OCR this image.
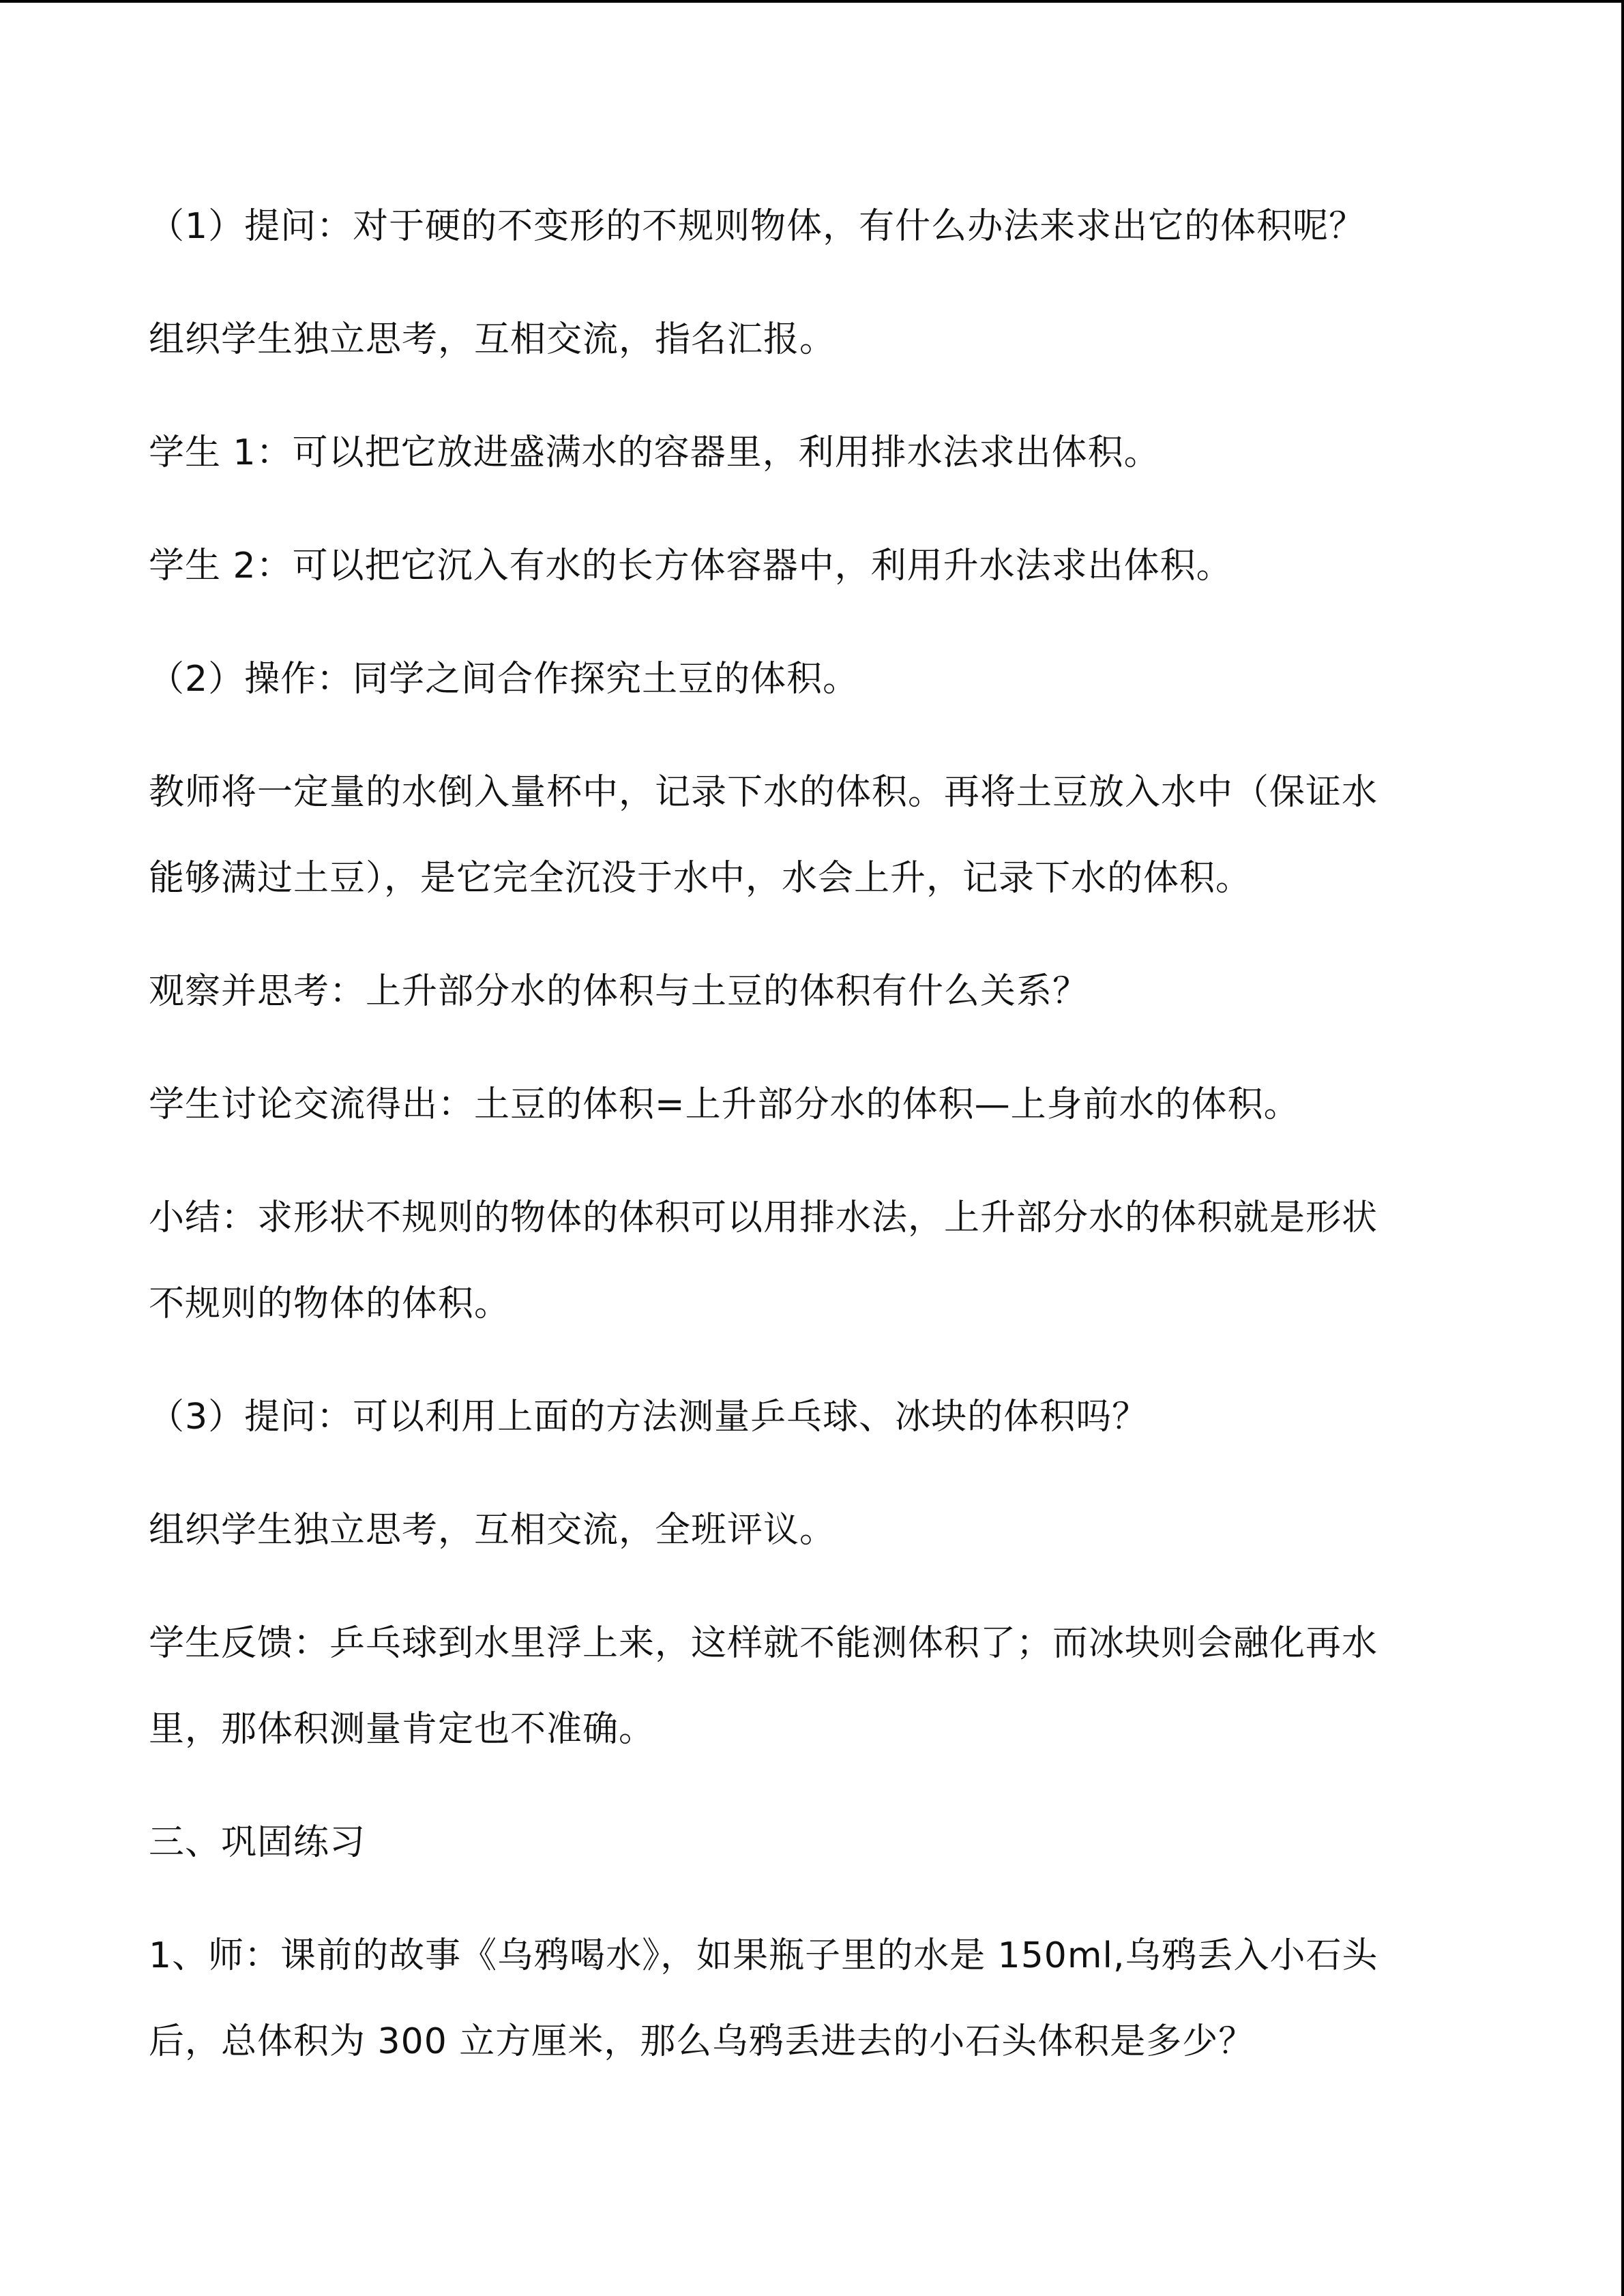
（1）提问：对于硬的不变形的不规则物体，有什么办法来求出它的体积呢？
组织学生独立思考，互相交流，指名汇报。
学生 1：可以把它放进盛满水的容器里，利用排水法求出体积。
学生 2：可以把它沉入有水的长方体容器中，利用升水法求出体积。
（2）操作：同学之间合作探究土豆的体积。
教师将一定量的水倒入量杯中，记录下水的体积。再将土豆放入水中（保证水
能够满过土豆），是它完全沉没于水中，水会上升，记录下水的体积。
观察并思考：上升部分水的体积与土豆的体积有什么关系？
学生讨论交流得出：土豆的体积=上升部分水的体积—上身前水的体积。
小结：求形状不规则的物体的体积可以用排水法，上升部分水的体积就是形状
不规则的物体的体积。
（3）提问：可以利用上面的方法测量乒乓球、冰块的体积吗？
组织学生独立思考，互相交流，全班评议。
学生反馈：乒乓球到水里浮上来，这样就不能测体积了；而冰块则会融化再水
里，那体积测量肯定也不准确。
三、巩固练习
1、师：课前的故事《乌鸦喝水》，如果瓶子里的水是 150ml,乌鸦丢入小石头
后，总体积为 300 立方厘米，那么乌鸦丢进去的小石头体积是多少？
